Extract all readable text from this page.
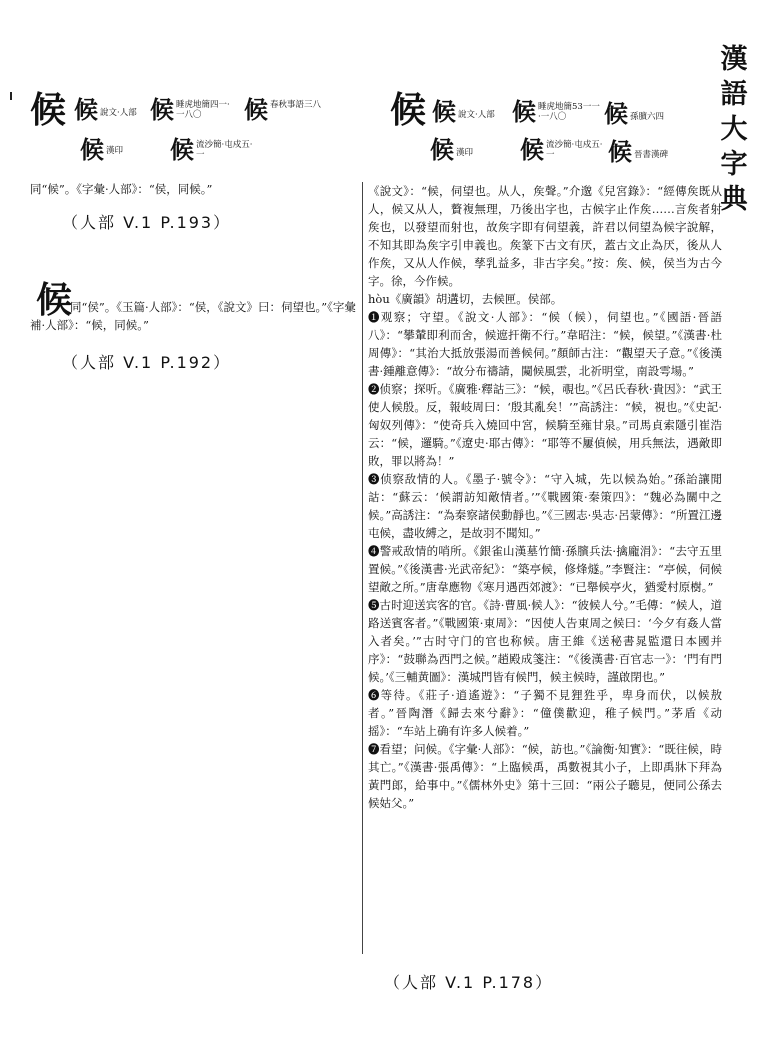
漢
語
大
字
典
候 候 說文·人部 候 睡虎地簡四一·一八〇	候 春秋事語三八
候 漢印 候 流沙簡·屯戍五·一
同“候”。《字彙·人部》：“侯，同候。”
（人部 V.1 P.193）
候
同“侯”。《玉篇·人部》：“侯，《說文》曰：伺望也。”《字彙補·人部》：“候，同候。”
（人部 V.1 P.192）
候 候 說文·人部 候 睡虎地簡53一一·一八〇	候 孫臏六四
候 漢印 候 流沙簡·屯戍五·一	候 晉書漢碑

《說文》：“候，伺望也。从人，矦聲。”介邈《兒宮錄》：“經傳矦既从人，候又从人，贅複無理，乃後出字也，古候字止作矦……言矦者射矦也，以發望而射也，故矦字即有伺望義，許君以伺望為候字說解，不知其即為矦字引申義也。矦篆下古文有厌，蓋古文止為厌，後从人作矦，又从人作候，孳乳益多，非古字矣。”按：矦、候，侯当为古今字。徐，今作候。

hòu《廣韻》胡遘切，去候匣。侯部。

❶观察；守望。《說文·人部》：“候（候），伺望也。”《國語·晉語八》：“攀輦即利而舍，候遮扞衛不行。”韋昭注：“候，候望。”《漢書·杜周傳》：“其治大抵放張湯而善候伺。”顏師古注：“觀望天子意。”《後漢書·鍾離意傳》：“故分布禱請，闚候風雲，北祈明堂，南設雩場。”

❷侦察；探听。《廣雅·釋詁三》：“候，覗也。”《呂氏春秋·貴因》：“武王使人候殷。反，報岐周曰：‘殷其亂矣！’”高誘注：“候，視也。”《史記·匈奴列傳》：“使奇兵入燒回中宮，候騎至雍甘泉。”司馬貞索隱引崔浩云：“候，邏騎。”《遼史·耶古傳》：“耶等不屢偵候，用兵無法，遇敵即敗，罪以將為！”

❸侦察敌情的人。《墨子·號令》：“守入城，先以候為始。”孫詒讓閒詁：“蘇云：‘候謂訪知敵情者。’”《戰國策·秦策四》：“魏必為關中之候。”高誘注：“為秦察諸侯動靜也。”《三國志·吳志·呂蒙傳》：“所置江邊屯候，盡收縛之，是故羽不聞知。”

❹警戒敌情的哨所。《銀雀山漢墓竹簡·孫臏兵法·擒龐涓》：“去守五里置候。”《後漢書·光武帝紀》：“築亭候，修烽燧。”李賢注：“亭候，伺候望敵之所。”唐韋應物《寒月遇西郊渡》：“已舉候亭火，猶愛村原樹。”

❺古时迎送宾客的官。《詩·曹風·候人》：“彼候人兮。”毛傳：“候人，道路送賓客者。”《戰國策·東周》：“因使人告東周之候曰：‘今夕有姦人當入者矣。’”古时守门的官也称候。唐王維《送秘書晁監還日本國并序》：“鼓聯為西門之候。”趙殿成箋注：“《後漢書·百官志一》：‘門有門候。’《三輔黄圖》：漢城門皆有候門，候主候時，謹啟閉也。”

❻等待。《莊子·逍遙遊》：“子獨不見狸狌乎，卑身而伏，以候敖者。”晉陶潛《歸去來兮辭》：“僮僕歡迎，稚子候門。”茅盾《动摇》：“车站上确有许多人候着。”

❼看望；问候。《字彙·人部》：“候，訪也。”《論衡·知實》：“既往候，時其亡。”《漢書·張禹傳》：“上臨候禹，禹數視其小子，上即禹牀下拜為黃門郎，給事中。”《儒林外史》第十三回：“兩公子聽見，便同公孫去候姑父。”

（人部 V.1 P.178）
